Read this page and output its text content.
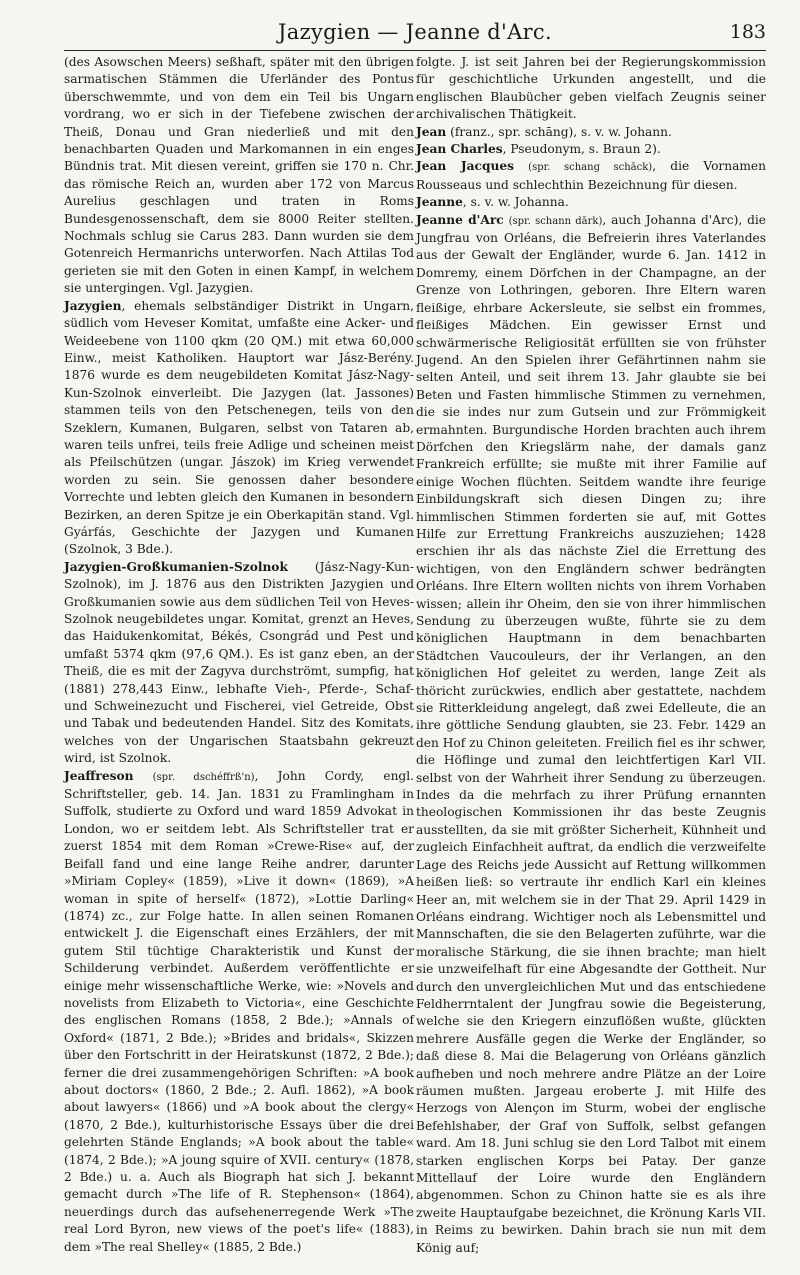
Jazygien — Jeanne d'Arc.	183

(des Asowschen Meers) seßhaft, später mit den übrigen sarmatischen Stämmen die Uferländer des Pontus überschwemmte, und von dem ein Teil bis Ungarn vordrang, wo er sich in der Tiefebene zwischen der Theiß, Donau und Gran niederließ und mit den benachbarten Quaden und Markomannen in ein enges Bündnis trat. Mit diesen vereint, griffen sie 170 n. Chr. das römische Reich an, wurden aber 172 von Marcus Aurelius geschlagen und traten in Roms Bundesgenossenschaft, dem sie 8000 Reiter stellten. Nochmals schlug sie Carus 283. Dann wurden sie dem Gotenreich Hermanrichs unterworfen. Nach Attilas Tod gerieten sie mit den Goten in einen Kampf, in welchem sie untergingen. Vgl. Jazygien.

Jazygien, ehemals selbständiger Distrikt in Ungarn, südlich vom Heveser Komitat, umfaßte eine Acker- und Weideebene von 1100 qkm (20 QM.) mit etwa 60,000 Einw., meist Katholiken. Hauptort war Jász-Berény. 1876 wurde es dem neugebildeten Komitat Jász-Nagy-Kun-Szolnok einverleibt. Die Jazygen (lat. Jassones) stammen teils von den Petschenegen, teils von den Szeklern, Kumanen, Bulgaren, selbst von Tataren ab, waren teils unfrei, teils freie Adlige und scheinen meist als Pfeilschützen (ungar. Jászok) im Krieg verwendet worden zu sein. Sie genossen daher besondere Vorrechte und lebten gleich den Kumanen in besondern Bezirken, an deren Spitze je ein Oberkapitän stand. Vgl. Gyárfás, Geschichte der Jazygen und Kumanen (Szolnok, 3 Bde.).

Jazygien-Großkumanien-Szolnok (Jász-Nagy-Kun-Szolnok), im J. 1876 aus den Distrikten Jazygien und Großkumanien sowie aus dem südlichen Teil von Heves-Szolnok neugebildetes ungar. Komitat, grenzt an Heves, das Haidukenkomitat, Békés, Csongrád und Pest und umfaßt 5374 qkm (97,6 QM.). Es ist ganz eben, an der Theiß, die es mit der Zagyva durchströmt, sumpfig, hat (1881) 278,443 Einw., lebhafte Vieh-, Pferde-, Schaf- und Schweinezucht und Fischerei, viel Getreide, Obst und Tabak und bedeutenden Handel. Sitz des Komitats, welches von der Ungarischen Staatsbahn gekreuzt wird, ist Szolnok.

Jeaffreson (spr. dschéffrß'n), John Cordy, engl. Schriftsteller, geb. 14. Jan. 1831 zu Framlingham in Suffolk, studierte zu Oxford und ward 1859 Advokat in London, wo er seitdem lebt. Als Schriftsteller trat er zuerst 1854 mit dem Roman »Crewe-Rise« auf, der Beifall fand und eine lange Reihe andrer, darunter »Miriam Copley« (1859), »Live it down« (1869), »A woman in spite of herself« (1872), »Lottie Darling« (1874) zc., zur Folge hatte. In allen seinen Romanen entwickelt J. die Eigenschaft eines Erzählers, der mit gutem Stil tüchtige Charakteristik und Kunst der Schilderung verbindet. Außerdem veröffentlichte er einige mehr wissenschaftliche Werke, wie: »Novels and novelists from Elizabeth to Victoria«, eine Geschichte des englischen Romans (1858, 2 Bde.); »Annals of Oxford« (1871, 2 Bde.); »Brides and bridals«, Skizzen über den Fortschritt in der Heiratskunst (1872, 2 Bde.); ferner die drei zusammengehörigen Schriften: »A book about doctors« (1860, 2 Bde.; 2. Aufl. 1862), »A book about lawyers« (1866) und »A book about the clergy« (1870, 2 Bde.), kulturhistorische Essays über die drei gelehrten Stände Englands; »A book about the table« (1874, 2 Bde.); »A joung squire of XVII. century« (1878, 2 Bde.) u. a. Auch als Biograph hat sich J. bekannt gemacht durch »The life of R. Stephenson« (1864), neuerdings durch das aufsehenerregende Werk »The real Lord Byron, new views of the poet's life« (1883), dem »The real Shelley« (1885, 2 Bde.)

folgte. J. ist seit Jahren bei der Regierungskommission für geschichtliche Urkunden angestellt, und die englischen Blaubücher geben vielfach Zeugnis seiner archivalischen Thätigkeit.

Jean (franz., spr. schāng), s. v. w. Johann.

Jean Charles, Pseudonym, s. Braun 2).

Jean Jacques (spr. schang schāck), die Vornamen Rousseaus und schlechthin Bezeichnung für diesen.

Jeanne, s. v. w. Johanna.

Jeanne d'Arc (spr. schann dārk), auch Johanna d'Arc), die Jungfrau von Orléans, die Befreierin ihres Vaterlandes aus der Gewalt der Engländer, wurde 6. Jan. 1412 in Domremy, einem Dörfchen in der Champagne, an der Grenze von Lothringen, geboren. Ihre Eltern waren fleißige, ehrbare Ackersleute, sie selbst ein frommes, fleißiges Mädchen. Ein gewisser Ernst und schwärmerische Religiosität erfüllten sie von frühster Jugend. An den Spielen ihrer Gefährtinnen nahm sie selten Anteil, und seit ihrem 13. Jahr glaubte sie bei Beten und Fasten himmlische Stimmen zu vernehmen, die sie indes nur zum Gutsein und zur Frömmigkeit ermahnten. Burgundische Horden brachten auch ihrem Dörfchen den Kriegslärm nahe, der damals ganz Frankreich erfüllte; sie mußte mit ihrer Familie auf einige Wochen flüchten. Seitdem wandte ihre feurige Einbildungskraft sich diesen Dingen zu; ihre himmlischen Stimmen forderten sie auf, mit Gottes Hilfe zur Errettung Frankreichs auszuziehen; 1428 erschien ihr als das nächste Ziel die Errettung des wichtigen, von den Engländern schwer bedrängten Orléans. Ihre Eltern wollten nichts von ihrem Vorhaben wissen; allein ihr Oheim, den sie von ihrer himmlischen Sendung zu überzeugen wußte, führte sie zu dem königlichen Hauptmann in dem benachbarten Städtchen Vaucouleurs, der ihr Verlangen, an den königlichen Hof geleitet zu werden, lange Zeit als thöricht zurückwies, endlich aber gestattete, nachdem sie Ritterkleidung angelegt, daß zwei Edelleute, die an ihre göttliche Sendung glaubten, sie 23. Febr. 1429 an den Hof zu Chinon geleiteten. Freilich fiel es ihr schwer, die Höflinge und zumal den leichtfertigen Karl VII. selbst von der Wahrheit ihrer Sendung zu überzeugen. Indes da die mehrfach zu ihrer Prüfung ernannten theologischen Kommissionen ihr das beste Zeugnis ausstellten, da sie mit größter Sicherheit, Kühnheit und zugleich Einfachheit auftrat, da endlich die verzweifelte Lage des Reichs jede Aussicht auf Rettung willkommen heißen ließ: so vertraute ihr endlich Karl ein kleines Heer an, mit welchem sie in der That 29. April 1429 in Orléans eindrang. Wichtiger noch als Lebensmittel und Mannschaften, die sie den Belagerten zuführte, war die moralische Stärkung, die sie ihnen brachte; man hielt sie unzweifelhaft für eine Abgesandte der Gottheit. Nur durch den unvergleichlichen Mut und das entschiedene Feldherrntalent der Jungfrau sowie die Begeisterung, welche sie den Kriegern einzuflößen wußte, glückten mehrere Ausfälle gegen die Werke der Engländer, so daß diese 8. Mai die Belagerung von Orléans gänzlich aufheben und noch mehrere andre Plätze an der Loire räumen mußten. Jargeau eroberte J. mit Hilfe des Herzogs von Alençon im Sturm, wobei der englische Befehlshaber, der Graf von Suffolk, selbst gefangen ward. Am 18. Juni schlug sie den Lord Talbot mit einem starken englischen Korps bei Patay. Der ganze Mittellauf der Loire wurde den Engländern abgenommen. Schon zu Chinon hatte sie es als ihre zweite Hauptaufgabe bezeichnet, die Krönung Karls VII. in Reims zu bewirken. Dahin brach sie nun mit dem König auf;
